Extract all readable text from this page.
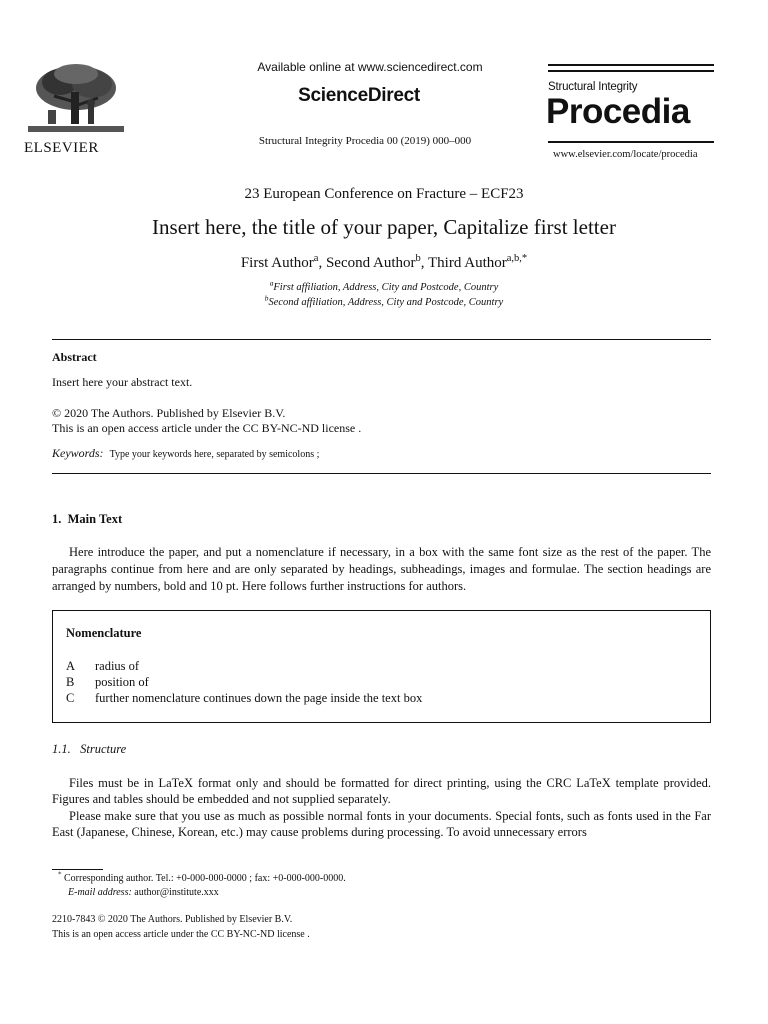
ELSEVIER
Available online at www.sciencedirect.com
ScienceDirect
Structural Integrity Procedia 00 (2019) 000–000
Structural Integrity
Procedia
www.elsevier.com/locate/procedia
23 European Conference on Fracture – ECF23
Insert here, the title of your paper, Capitalize first letter
First Author$^a$, Second Author$^b$, Third Author$^{a,b,*}$
$^a$First affiliation, Address, City and Postcode, Country
$^b$Second affiliation, Address, City and Postcode, Country
Abstract
Insert here your abstract text.
© 2020 The Authors. Published by Elsevier B.V.
This is an open access article under the CC BY-NC-ND license .
Keywords: Type your keywords here, separated by semicolons ;
1.  Main Text
Here introduce the paper, and put a nomenclature if necessary, in a box with the same font size as the rest of the paper. The paragraphs continue from here and are only separated by headings, subheadings, images and formulae. The section headings are arranged by numbers, bold and 10 pt. Here follows further instructions for authors.
Nomenclature
A radius of
B position of
C further nomenclature continues down the page inside the text box
1.1.   Structure
Files must be in LaTeX format only and should be formatted for direct printing, using the CRC LaTeX template provided. Figures and tables should be embedded and not supplied separately.
Please make sure that you use as much as possible normal fonts in your documents. Special fonts, such as fonts used in the Far East (Japanese, Chinese, Korean, etc.) may cause problems during processing. To avoid unnecessary errors
* Corresponding author. Tel.: +0-000-000-0000 ; fax: +0-000-000-0000.
E-mail address: author@institute.xxx
2210-7843 © 2020 The Authors. Published by Elsevier B.V.
This is an open access article under the CC BY-NC-ND license .
